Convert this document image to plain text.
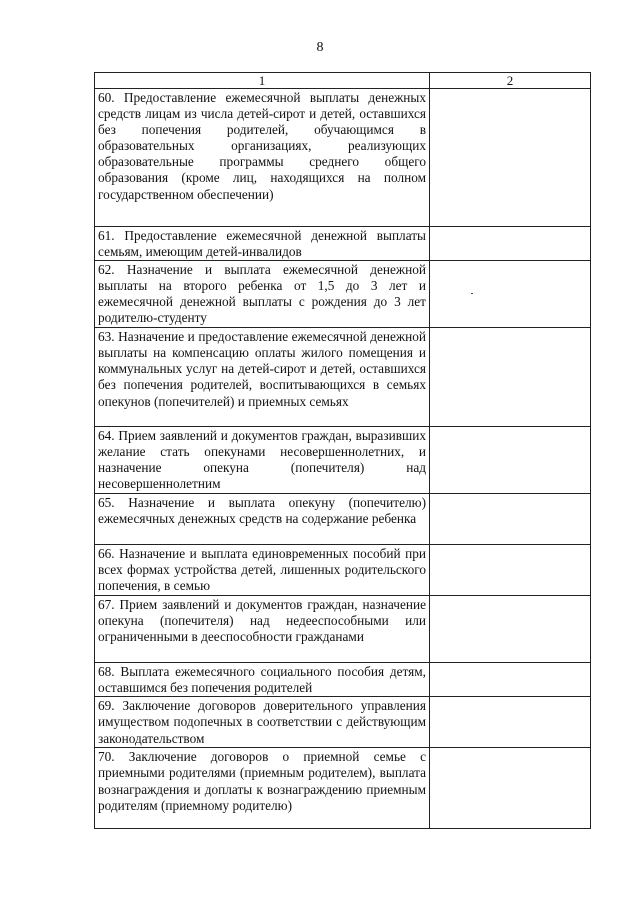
8
1	2
60. Предоставление ежемесячной выплаты денежных средств лицам из числа детей-сирот и детей, оставшихся без попечения родителей, обучающимся в образовательных организациях, реализующих образовательные программы среднего общего образования (кроме лиц, находящихся на полном государственном обеспечении)	
61. Предоставление ежемесячной денежной выплаты семьям, имеющим детей-инвалидов	
62. Назначение и выплата ежемесячной денежной выплаты на второго ребенка от 1,5 до 3 лет и ежемесячной денежной выплаты с рождения до 3 лет родителю-студенту	
63. Назначение и предоставление ежемесячной денежной выплаты на компенсацию оплаты жилого помещения и коммунальных услуг на детей-сирот и детей, оставшихся без попечения родителей, воспитывающихся в семьях опекунов (попечителей) и приемных семьях	
64. Прием заявлений и документов граждан, выразивших желание стать опекунами несовершеннолетних, и назначение опекуна (попечителя) над несовершеннолетним	
65. Назначение и выплата опекуну (попечителю) ежемесячных денежных средств на содержание ребенка	
66. Назначение и выплата единовременных пособий при всех формах устройства детей, лишенных родительского попечения, в семью	
67. Прием заявлений и документов граждан, назначение опекуна (попечителя) над недееспособными или ограниченными в дееспособности гражданами	
68. Выплата ежемесячного социального пособия детям, оставшимся без попечения родителей	
69. Заключение договоров доверительного управления имуществом подопечных в соответствии с действующим законодательством	
70. Заключение договоров о приемной семье с приемными родителями (приемным родителем), выплата вознаграждения и доплаты к вознаграждению приемным родителям (приемному родителю)	
